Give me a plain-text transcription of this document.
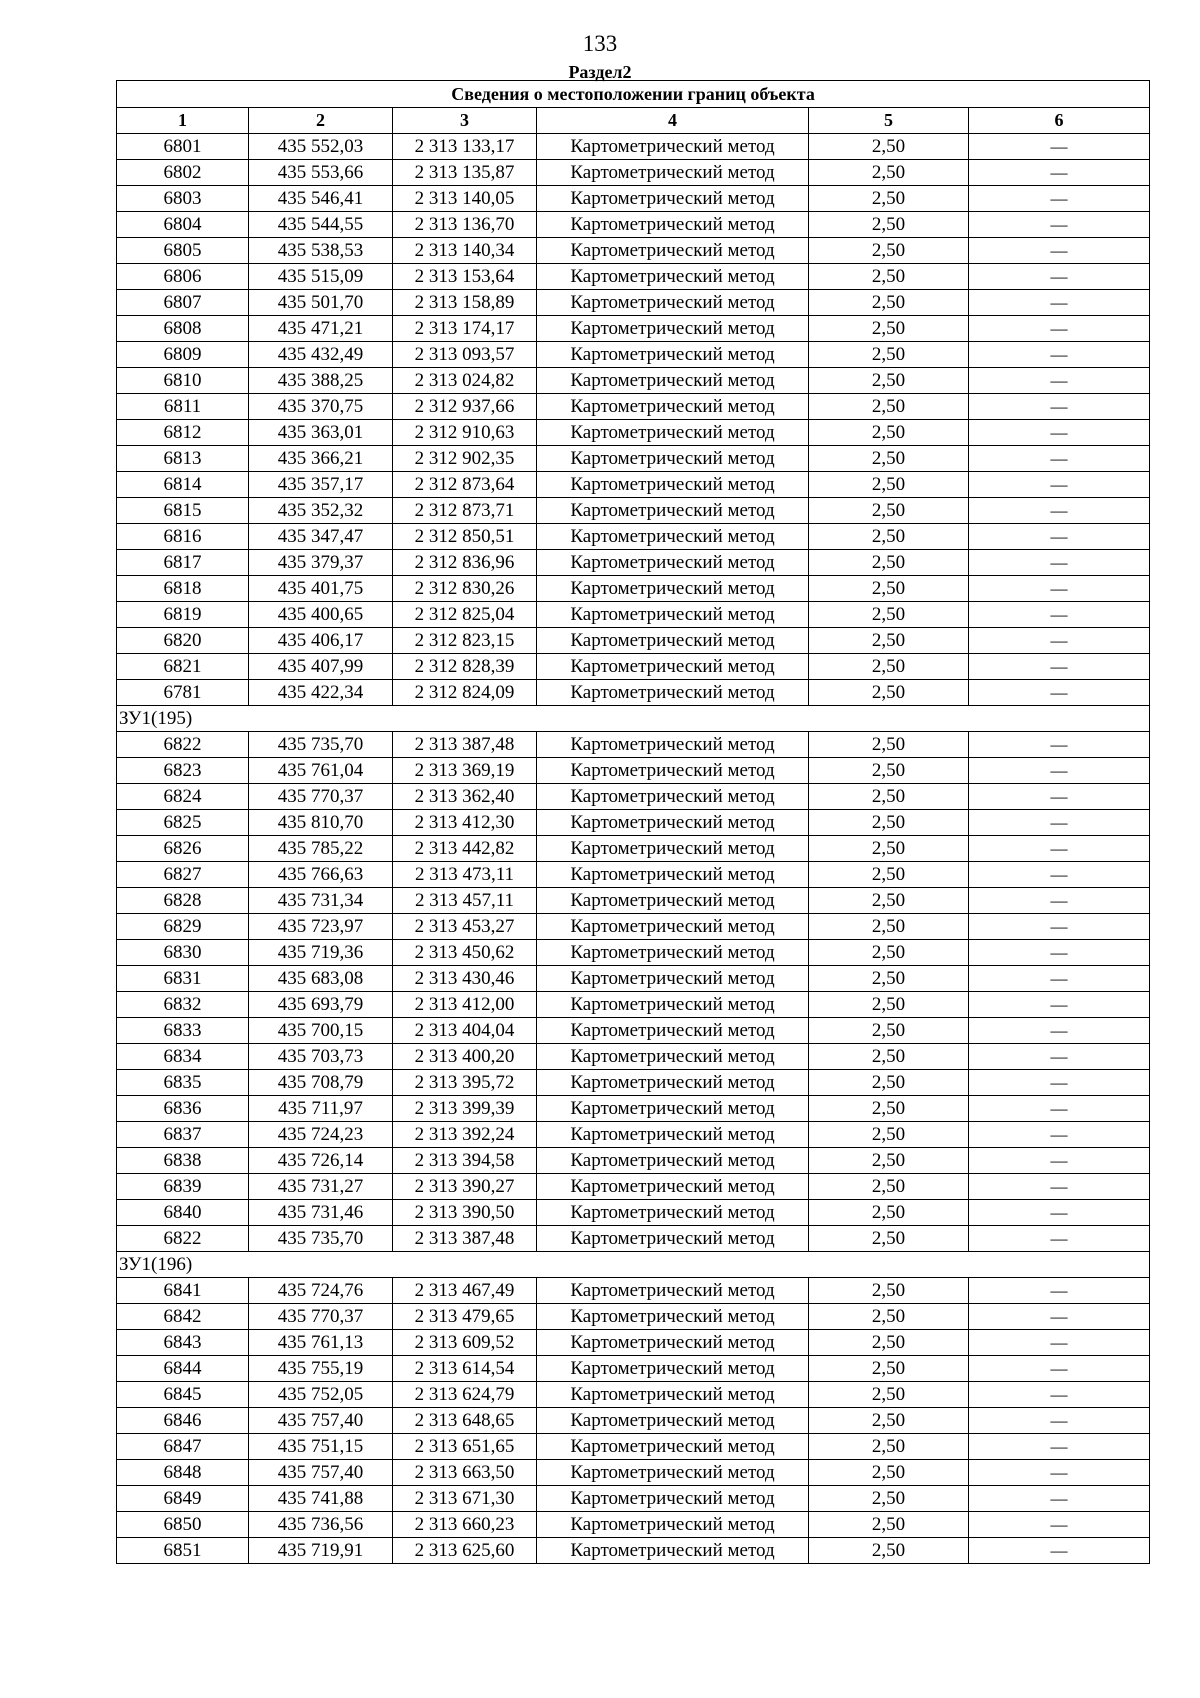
133
Раздел2
Сведения о местоположении границ объекта					
1	2	3	4	5	6
6801	435 552,03	2 313 133,17	Картометрический метод	2,50	—
6802	435 553,66	2 313 135,87	Картометрический метод	2,50	—
6803	435 546,41	2 313 140,05	Картометрический метод	2,50	—
6804	435 544,55	2 313 136,70	Картометрический метод	2,50	—
6805	435 538,53	2 313 140,34	Картометрический метод	2,50	—
6806	435 515,09	2 313 153,64	Картометрический метод	2,50	—
6807	435 501,70	2 313 158,89	Картометрический метод	2,50	—
6808	435 471,21	2 313 174,17	Картометрический метод	2,50	—
6809	435 432,49	2 313 093,57	Картометрический метод	2,50	—
6810	435 388,25	2 313 024,82	Картометрический метод	2,50	—
6811	435 370,75	2 312 937,66	Картометрический метод	2,50	—
6812	435 363,01	2 312 910,63	Картометрический метод	2,50	—
6813	435 366,21	2 312 902,35	Картометрический метод	2,50	—
6814	435 357,17	2 312 873,64	Картометрический метод	2,50	—
6815	435 352,32	2 312 873,71	Картометрический метод	2,50	—
6816	435 347,47	2 312 850,51	Картометрический метод	2,50	—
6817	435 379,37	2 312 836,96	Картометрический метод	2,50	—
6818	435 401,75	2 312 830,26	Картометрический метод	2,50	—
6819	435 400,65	2 312 825,04	Картометрический метод	2,50	—
6820	435 406,17	2 312 823,15	Картометрический метод	2,50	—
6821	435 407,99	2 312 828,39	Картометрический метод	2,50	—
6781	435 422,34	2 312 824,09	Картометрический метод	2,50	—
ЗУ1(195)					
6822	435 735,70	2 313 387,48	Картометрический метод	2,50	—
6823	435 761,04	2 313 369,19	Картометрический метод	2,50	—
6824	435 770,37	2 313 362,40	Картометрический метод	2,50	—
6825	435 810,70	2 313 412,30	Картометрический метод	2,50	—
6826	435 785,22	2 313 442,82	Картометрический метод	2,50	—
6827	435 766,63	2 313 473,11	Картометрический метод	2,50	—
6828	435 731,34	2 313 457,11	Картометрический метод	2,50	—
6829	435 723,97	2 313 453,27	Картометрический метод	2,50	—
6830	435 719,36	2 313 450,62	Картометрический метод	2,50	—
6831	435 683,08	2 313 430,46	Картометрический метод	2,50	—
6832	435 693,79	2 313 412,00	Картометрический метод	2,50	—
6833	435 700,15	2 313 404,04	Картометрический метод	2,50	—
6834	435 703,73	2 313 400,20	Картометрический метод	2,50	—
6835	435 708,79	2 313 395,72	Картометрический метод	2,50	—
6836	435 711,97	2 313 399,39	Картометрический метод	2,50	—
6837	435 724,23	2 313 392,24	Картометрический метод	2,50	—
6838	435 726,14	2 313 394,58	Картометрический метод	2,50	—
6839	435 731,27	2 313 390,27	Картометрический метод	2,50	—
6840	435 731,46	2 313 390,50	Картометрический метод	2,50	—
6822	435 735,70	2 313 387,48	Картометрический метод	2,50	—
ЗУ1(196)					
6841	435 724,76	2 313 467,49	Картометрический метод	2,50	—
6842	435 770,37	2 313 479,65	Картометрический метод	2,50	—
6843	435 761,13	2 313 609,52	Картометрический метод	2,50	—
6844	435 755,19	2 313 614,54	Картометрический метод	2,50	—
6845	435 752,05	2 313 624,79	Картометрический метод	2,50	—
6846	435 757,40	2 313 648,65	Картометрический метод	2,50	—
6847	435 751,15	2 313 651,65	Картометрический метод	2,50	—
6848	435 757,40	2 313 663,50	Картометрический метод	2,50	—
6849	435 741,88	2 313 671,30	Картометрический метод	2,50	—
6850	435 736,56	2 313 660,23	Картометрический метод	2,50	—
6851	435 719,91	2 313 625,60	Картометрический метод	2,50	—
